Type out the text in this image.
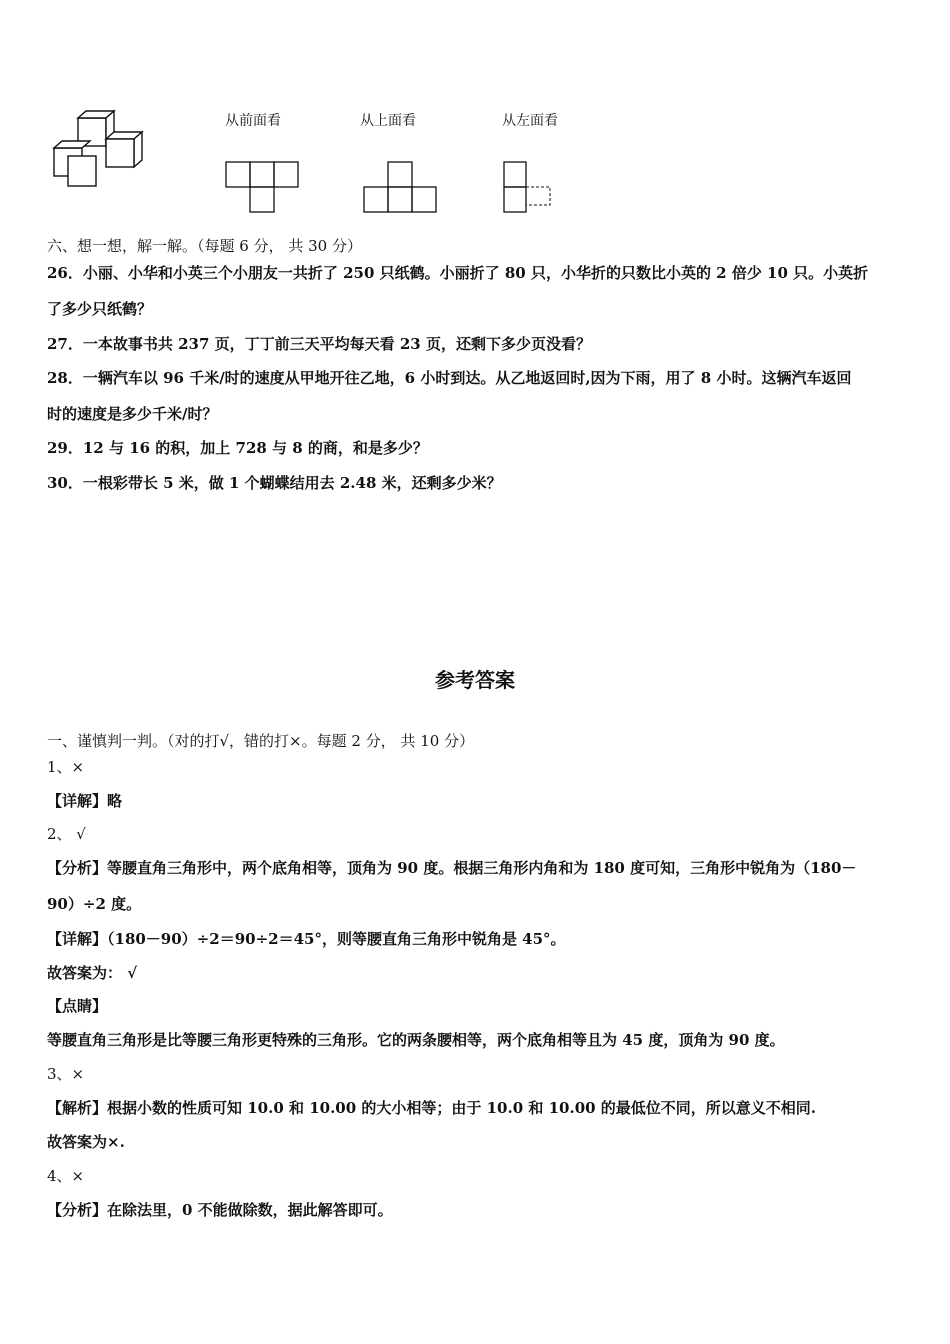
从前面看	从上面看	从左面看
六、想一想，解一解。（每题 6 分， 共 30 分）
26．小丽、小华和小英三个小朋友一共折了 250 只纸鹤。小丽折了 80 只，小华折的只数比小英的 2 倍少 10 只。小英折
了多少只纸鹤？
27．一本故事书共 237 页，丁丁前三天平均每天看 23 页，还剩下多少页没看？
28．一辆汽车以 96 千米/时的速度从甲地开往乙地，6 小时到达。从乙地返回时,因为下雨，用了 8 小时。这辆汽车返回
时的速度是多少千米/时？
29．12 与 16 的积，加上 728 与 8 的商，和是多少？
30．一根彩带长 5 米，做 1 个蝴蝶结用去 2.48 米，还剩多少米？
参考答案
一、谨慎判一判。（对的打√，错的打×。每题 2 分， 共 10 分）
1、×
【详解】略
2、 √
【分析】等腰直角三角形中，两个底角相等，顶角为 90 度。根据三角形内角和为 180 度可知，三角形中锐角为（180－
90）÷2 度。
【详解】（180－90）÷2＝90÷2＝45°，则等腰直角三角形中锐角是 45°。
故答案为： √
【点睛】
等腰直角三角形是比等腰三角形更特殊的三角形。它的两条腰相等，两个底角相等且为 45 度，顶角为 90 度。
3、×
【解析】根据小数的性质可知 10.0 和 10.00 的大小相等；由于 10.0 和 10.00 的最低位不同，所以意义不相同.
故答案为×.
4、×
【分析】在除法里，0 不能做除数，据此解答即可。
